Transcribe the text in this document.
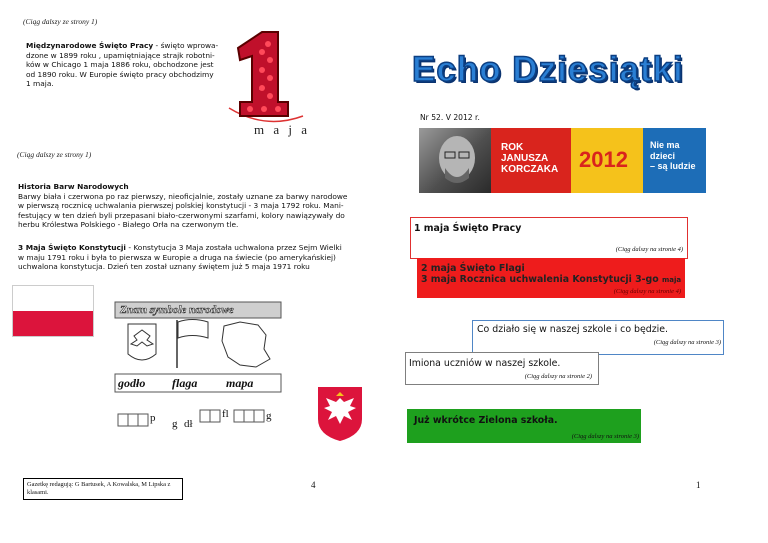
(Ciąg dalszy ze strony 1)
Międzynarodowe Święto Pracy - święto wprowa-
dzone w 1899 roku , upamiętniające strajk robotni-
ków w Chicago 1 maja 1886 roku, obchodzone jest
od 1890 roku. W Europie święto pracy obchodzimy
1 maja.
1
m a j a
(Ciąg dalszy ze strony 1)
Historia Barw Narodowych
Barwy biała i czerwona po raz pierwszy, nieoficjalnie, zostały uznane za barwy narodowe
w pierwszą rocznicę uchwalania pierwszej polskiej konstytucji - 3 maja 1792 roku. Mani-
festujący w ten dzień byli przepasani biało-czerwonymi szarfami, kolory nawiązywały do
herbu Królestwa Polskiego - Białego Orła na czerwonym tle.
3 Maja Święto Konstytucji - Konstytucja 3 Maja została uchwalona przez Sejm Wielki
w maju 1791 roku i była to pierwsza w Europie a druga na świecie (po amerykańskiej)
uchwalona konstytucja. Dzień ten został uznany świętem już 5 maja 1971 roku
Znam symbole narodowe
godło flaga mapa
p g dł
fl	g
Gazetkę redagują: G Bartusek, A Kowalska, M Lipska z klasami.
4
Echo Dziesiątki
Nr 52. V 2012 r.
ROK
JANUSZA
KORCZAKA 2012
Nie ma
dzieci
– są ludzie
1 maja Święto Pracy
(Ciąg dalszy na stronie 4)
2 maja Święto Flagi
3 maja Rocznica uchwalenia Konstytucji 3-go maja
(Ciąg dalszy na stronie 4)
Co działo się w naszej szkole i co będzie.
(Ciąg dalszy na stronie 3)
Imiona uczniów w naszej szkole.
(Ciąg dalszy na stronie 2)
Już wkrótce Zielona szkoła.
(Ciąg dalszy na stronie 3)
1
